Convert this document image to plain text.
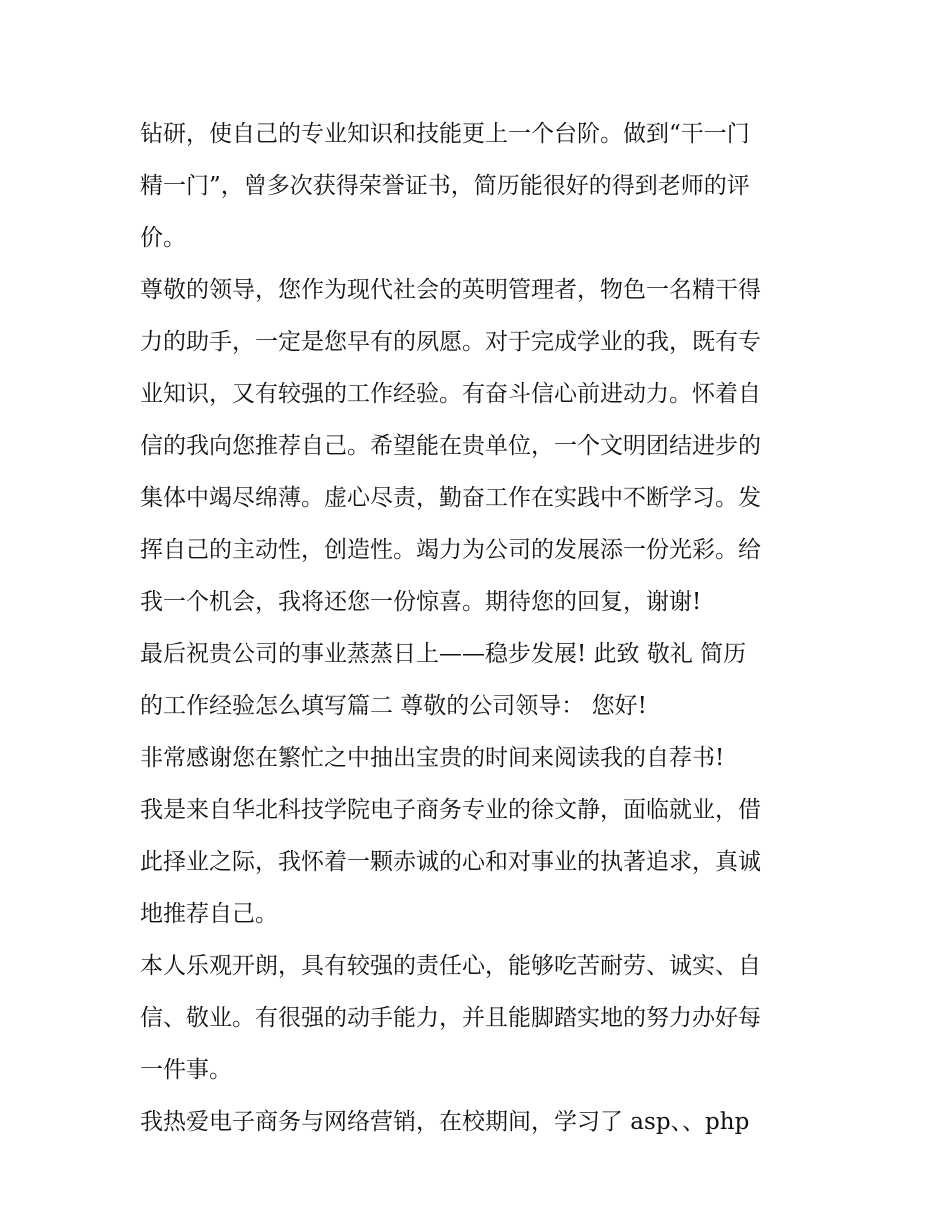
钻研，使自己的专业知识和技能更上一个台阶。做到“干一门
精一门”，曾多次获得荣誉证书，简历能很好的得到老师的评
价。
尊敬的领导，您作为现代社会的英明管理者，物色一名精干得
力的助手，一定是您早有的夙愿。对于完成学业的我，既有专
业知识，又有较强的工作经验。有奋斗信心前进动力。怀着自
信的我向您推荐自己。希望能在贵单位，一个文明团结进步的
集体中竭尽绵薄。虚心尽责，勤奋工作在实践中不断学习。发
挥自己的主动性，创造性。竭力为公司的发展添一份光彩。给
我一个机会，我将还您一份惊喜。期待您的回复，谢谢!
最后祝贵公司的事业蒸蒸日上——稳步发展! 此致 敬礼 简历
的工作经验怎么填写篇二 尊敬的公司领导： 您好!
非常感谢您在繁忙之中抽出宝贵的时间来阅读我的自荐书!
我是来自华北科技学院电子商务专业的徐文静，面临就业，借
此择业之际，我怀着一颗赤诚的心和对事业的执著追求，真诚
地推荐自己。
本人乐观开朗，具有较强的责任心，能够吃苦耐劳、诚实、自
信、敬业。有很强的动手能力，并且能脚踏实地的努力办好每
一件事。
我热爱电子商务与网络营销，在校期间，学习了 asp、、php
